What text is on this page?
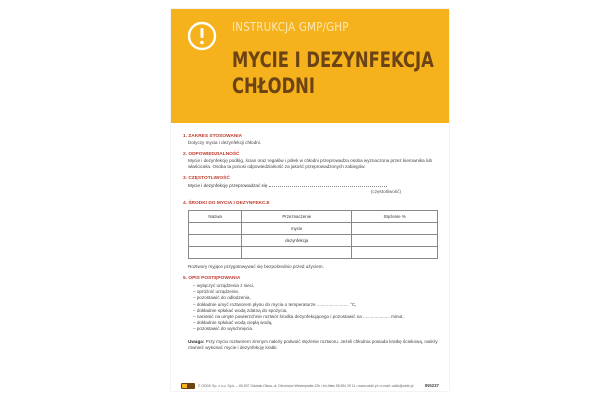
INSTRUKCJA GMP/GHP
MYCIE I DEZYNFEKCJA
CHŁODNI
1. ZAKRES STOSOWANIA
Dotyczy mycia i dezynfekcji chłodni.
2. ODPOWIEDZIALNOŚĆ
Mycie i dezynfekcję podłóg, ścian oraz regałów i półek w chłodni przeprowadza osoba wyznaczona przez kierownika lub właściciela. Osoba ta ponosi odpowiedzialność za jakość przeprowadzonych zabiegów.
3. CZĘSTOTLIWOŚĆ
Mycie i dezynfekcję przeprowadzać się
(częstotliwość)
4. ŚRODKI DO MYCIA I DEZYNFEKCJI
Nazwa	Przeznaczenie	Stężenie %
	mycie	
	dezynfekcja	

Roztwory myjące przygotowywać się bezpośrednio przed użyciem.
5. OPIS POSTĘPOWANIA
– wyłączyć urządzenia z sieci,
– opróżnić urządzenie,
– pozostawić do odłodzenia,
– dokładnie umyć roztworem płynu do mycia o temperaturze ......................... °C,
– dokładnie spłukać wodą zdatną do spożycia,
– naniesić na umyte powierzchnie roztwór środka dezynfekującego i pozostawić na ..................... minut,
– dokładnie spłukać wodą ciepłą wodą,
– pozostawić do wyschnięcia.
Uwaga: Przy myciu roztworem zimnym należy podwoić stężenie roztworu. Jeżeli chłodnia posiada kratkę ściekową, należy również wykonać mycie i dezynfekcję kratki.
© ODDK Sp. z o.o. Sp.k. – 80-907 Gdańsk-Oliwa, ul. Obrońców Westerplatte 22b • tel./faks 58 554 29 11 • www.oddk.pl • e-mail: oddk@oddk.pl	IN5237
